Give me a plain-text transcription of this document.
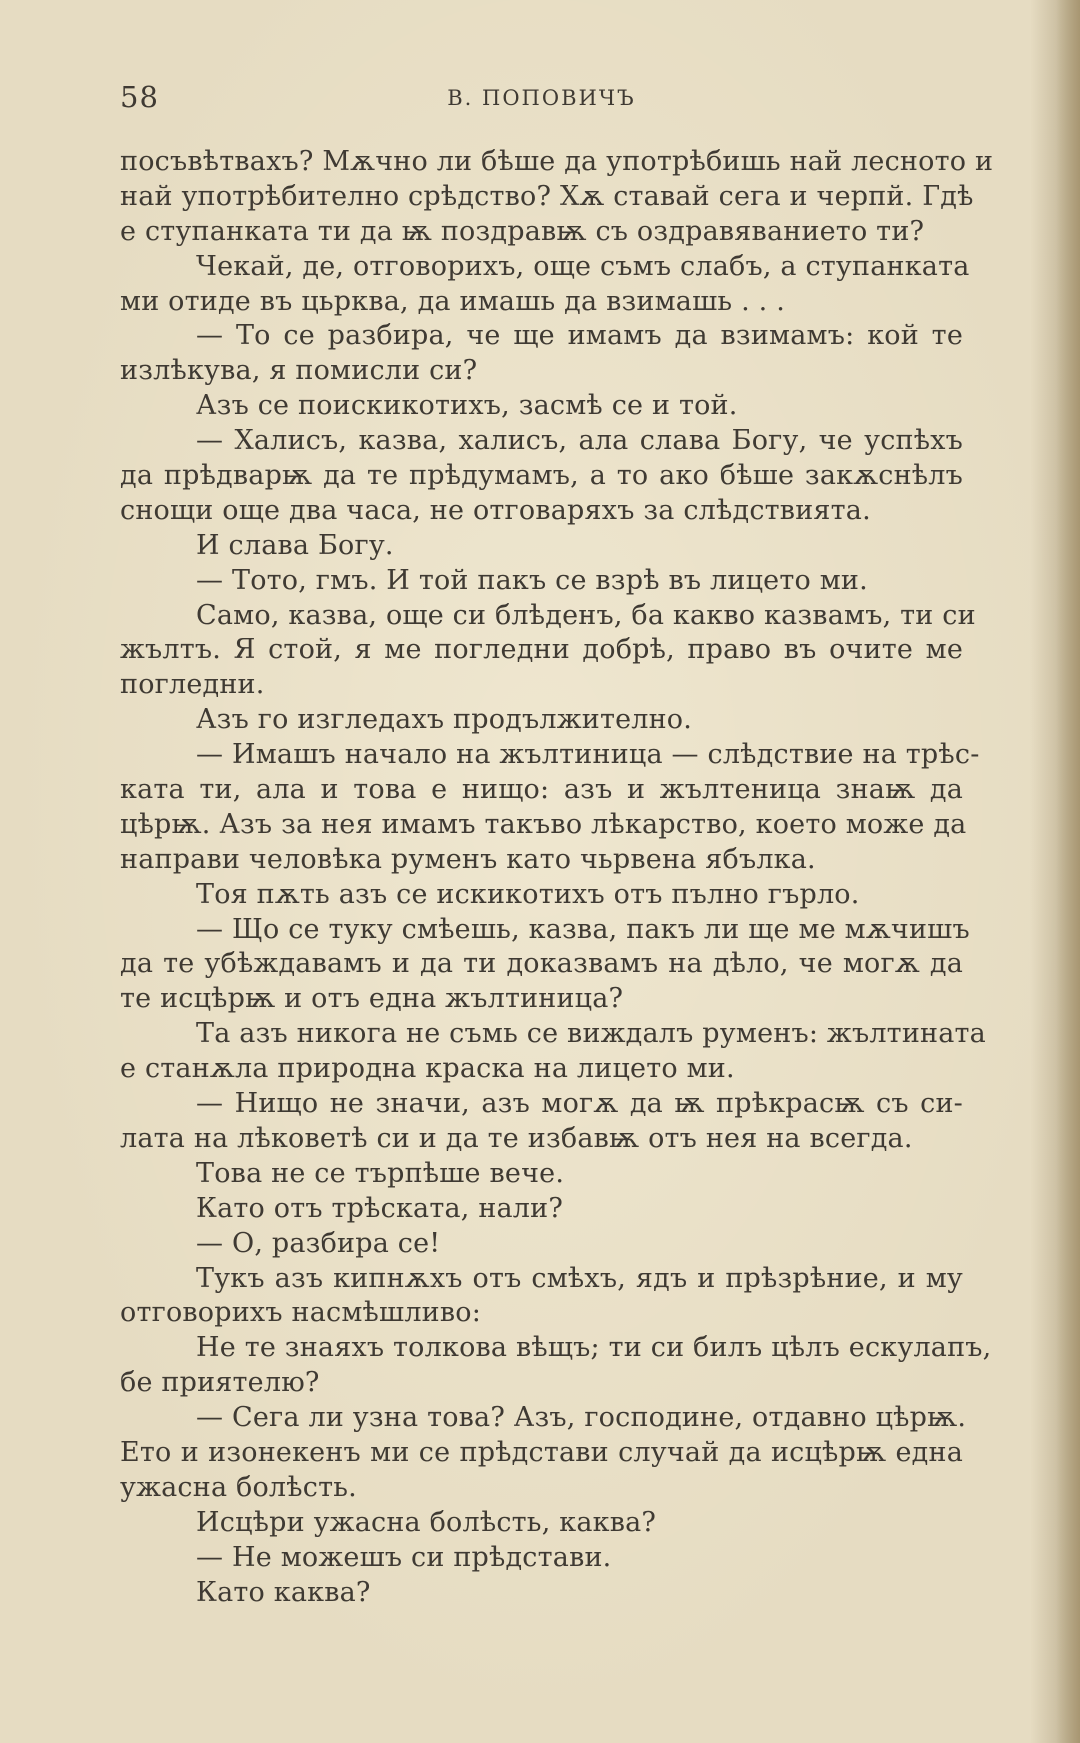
58	В. ПОПОВИЧЪ
посъвѣтвахъ? Мѫчно ли бѣше да употрѣбишь най лесното и
най употрѣбително срѣдство? Хѫ ставай сега и черпй. Гдѣ
е ступанката ти да ѭ поздравѭ съ оздравяванието ти?
Чекай, де, отговорихъ, още съмъ слабъ, а ступанката
ми отиде въ цьрква, да имашь да взимашь . . .
— То се разбира, че ще имамъ да взимамъ: кой те
излѣкува, я помисли си?
Азъ се поискикотихъ, засмѣ се и той.
— Халисъ, казва, халисъ, ала слава Богу, че успѣхъ
да прѣдварѭ да те прѣдумамъ, а то ако бѣше закѫснѣлъ
снощи още два часа, не отговаряхъ за слѣдствията.
И слава Богу.
— Тото, гмъ. И той пакъ се взрѣ въ лицето ми.
Само, казва, още си блѣденъ, ба какво казвамъ, ти си
жълтъ. Я стой, я ме погледни добрѣ, право въ очите ме
погледни.
Азъ го изгледахъ продължително.
— Имашъ начало на жълтиница — слѣдствие на трѣс-
ката ти, ала и това е нищо: азъ и жълтеница знаѭ да
цѣрѭ. Азъ за нея имамъ такъво лѣкарство, което може да
направи человѣка руменъ като чьрвена ябълка.
Тоя пѫть азъ се искикотихъ отъ пълно гърло.
— Що се туку смѣешь, казва, пакъ ли ще ме мѫчишъ
да те убѣждавамъ и да ти доказвамъ на дѣло, че могѫ да
те исцѣрѭ и отъ една жълтиница?
Та азъ никога не съмь се виждалъ руменъ: жълтината
е станѫла природна краска на лицето ми.
— Нищо не значи, азъ могѫ да ѭ прѣкрасѭ съ си-
лата на лѣковетѣ си и да те избавѭ отъ нея на всегда.
Това не се търпѣше вече.
Като отъ трѣската, нали?
— О, разбира се!
Тукъ азъ кипнѫхъ отъ смѣхъ, ядъ и прѣзрѣние, и му
отговорихъ насмѣшливо:
Не те знаяхъ толкова вѣщъ; ти си билъ цѣлъ ескулапъ,
бе приятелю?
— Сега ли узна това? Азъ, господине, отдавно цѣрѭ.
Ето и изонекенъ ми се прѣдстави случай да исцѣрѭ една
ужасна болѣсть.
Исцѣри ужасна болѣсть, каква?
— Не можешъ си прѣдстави.
Като каква?
